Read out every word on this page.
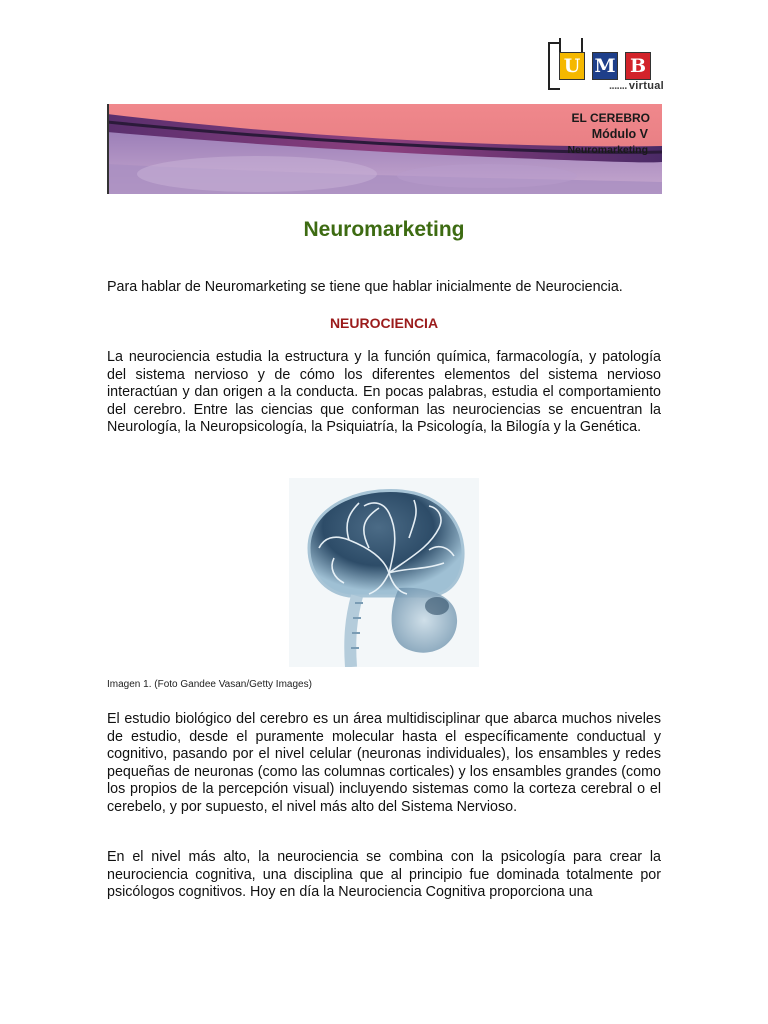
U M B
....... virtual
EL CEREBRO
Módulo V
Neuromarketing
Neuromarketing
Para hablar de Neuromarketing se tiene que hablar inicialmente de Neurociencia.
NEUROCIENCIA
La neurociencia estudia la estructura y la función química, farmacología, y patología del sistema nervioso y de cómo los diferentes elementos del sistema nervioso interactúan y dan origen a la conducta. En pocas palabras, estudia el comportamiento del cerebro. Entre las ciencias que conforman las neurociencias se encuentran la Neurología, la Neuropsicología, la Psiquiatría, la Psicología, la Bilogía y la Genética.
Imagen 1. (Foto Gandee Vasan/Getty Images)
El estudio biológico del cerebro es un área multidisciplinar que abarca muchos niveles de estudio, desde el puramente molecular hasta el específicamente conductual y cognitivo, pasando por el nivel celular (neuronas individuales), los ensambles y redes pequeñas de neuronas (como las columnas corticales) y los ensambles grandes (como los propios de la percepción visual) incluyendo sistemas como la corteza cerebral o el cerebelo, y por supuesto, el nivel más alto del Sistema Nervioso.
En el nivel más alto, la neurociencia se combina con la psicología para crear la neurociencia cognitiva, una disciplina que al principio fue dominada totalmente por psicólogos cognitivos. Hoy en día la Neurociencia Cognitiva proporciona una
